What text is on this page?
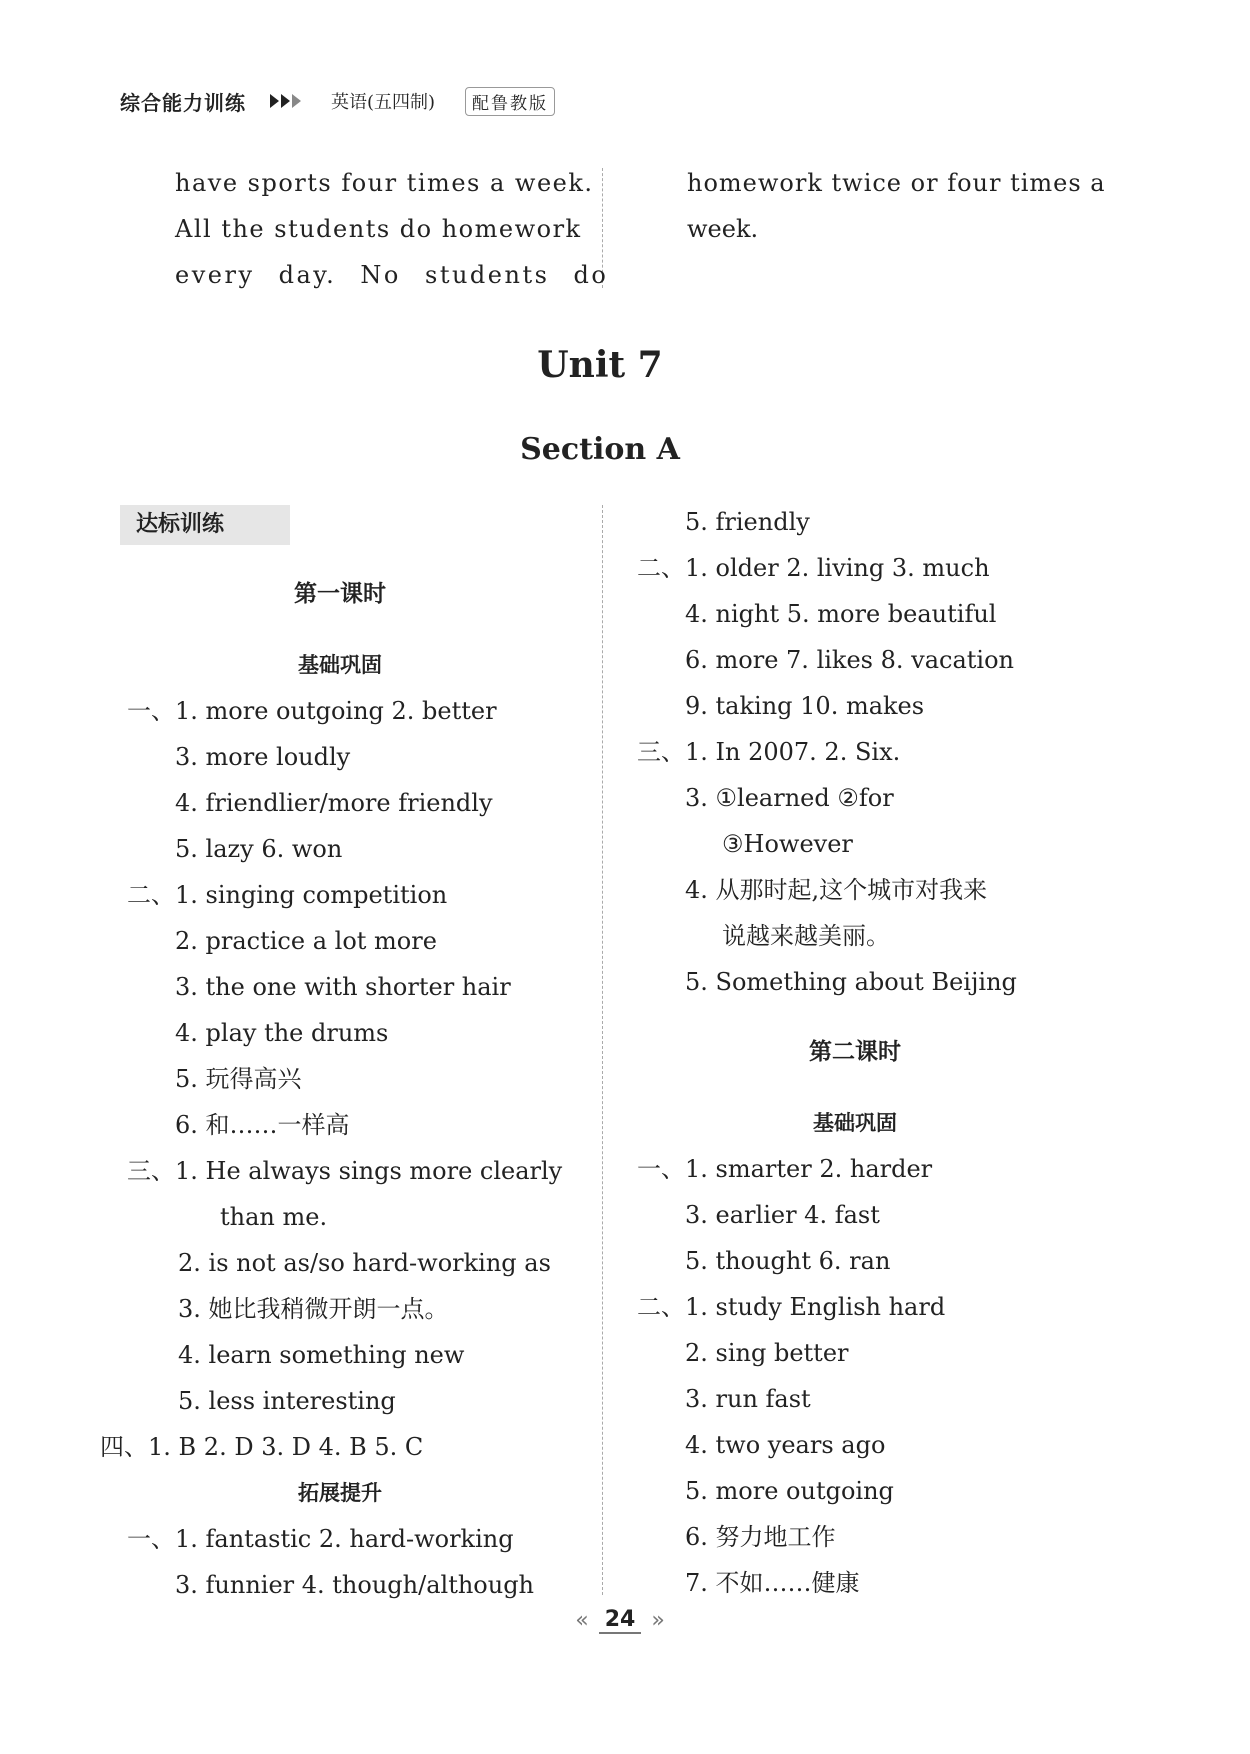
综合能力训练	英语(五四制)	配鲁教版
have sports four times a week.
All the students do homework
every day. No students do
homework twice or four times a
week.
Unit 7
Section A
达标训练
第一课时
基础巩固
一、 1. more outgoing 2. better
3. more loudly
4. friendlier/more friendly
5. lazy 6. won
二、 1. singing competition
2. practice a lot more
3. the one with shorter hair
4. play the drums
5. 玩得高兴
6. 和……一样高
三、 1. He always sings more clearly
than me.
2. is not as/so hard-working as
3. 她比我稍微开朗一点。
4. learn something new
5. less interesting
四、 1. B 2. D 3. D 4. B 5. C
拓展提升
一、 1. fantastic 2. hard-working
3. funnier 4. though/although
5. friendly
二、 1. older 2. living 3. much
4. night 5. more beautiful
6. more 7. likes 8. vacation
9. taking 10. makes
三、 1. In 2007. 2. Six.
3. ①learned ②for
③However
4. 从那时起,这个城市对我来
说越来越美丽。
5. Something about Beijing
第二课时
基础巩固
一、 1. smarter 2. harder
3. earlier 4. fast
5. thought 6. ran
二、 1. study English hard
2. sing better
3. run fast
4. two years ago
5. more outgoing
6. 努力地工作
7. 不如……健康
« 24 »
